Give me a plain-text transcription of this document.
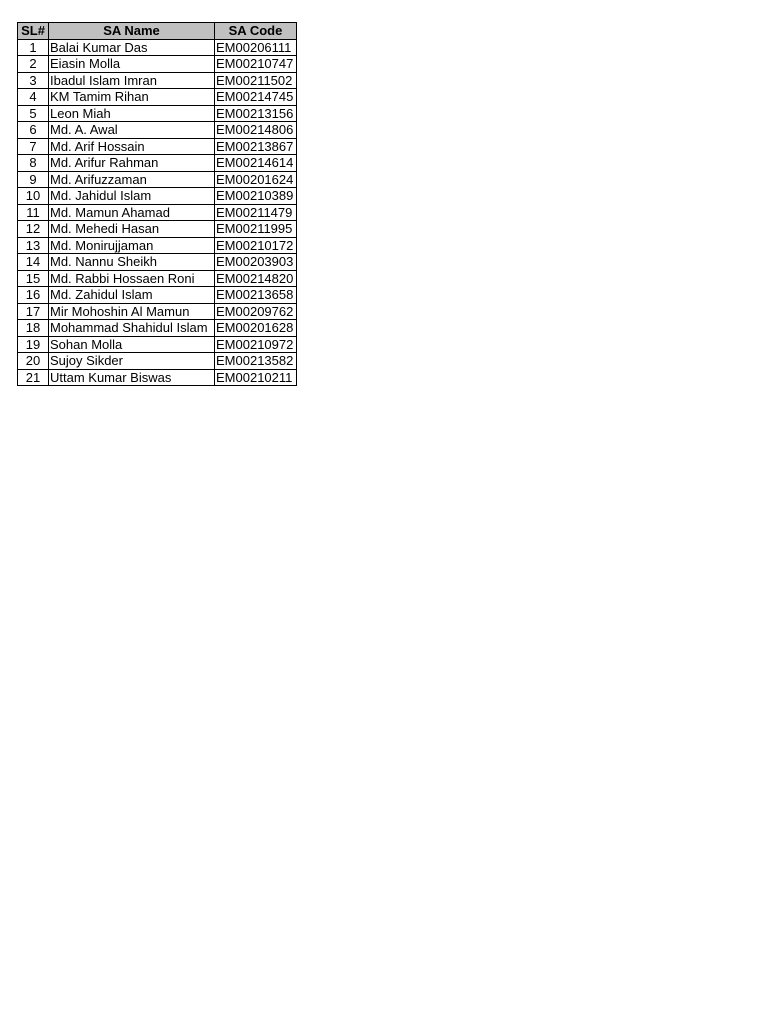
SL#	SA Name	SA Code
1	Balai Kumar Das	EM00206111
2	Eiasin Molla	EM00210747
3	Ibadul Islam Imran	EM00211502
4	KM Tamim Rihan	EM00214745
5	Leon Miah	EM00213156
6	Md. A. Awal	EM00214806
7	Md. Arif Hossain	EM00213867
8	Md. Arifur Rahman	EM00214614
9	Md. Arifuzzaman	EM00201624
10	Md. Jahidul Islam	EM00210389
11	Md. Mamun Ahamad	EM00211479
12	Md. Mehedi Hasan	EM00211995
13	Md. Monirujjaman	EM00210172
14	Md. Nannu Sheikh	EM00203903
15	Md. Rabbi Hossaen Roni	EM00214820
16	Md. Zahidul Islam	EM00213658
17	Mir Mohoshin Al Mamun	EM00209762
18	Mohammad Shahidul Islam	EM00201628
19	Sohan Molla	EM00210972
20	Sujoy Sikder	EM00213582
21	Uttam Kumar Biswas	EM00210211
